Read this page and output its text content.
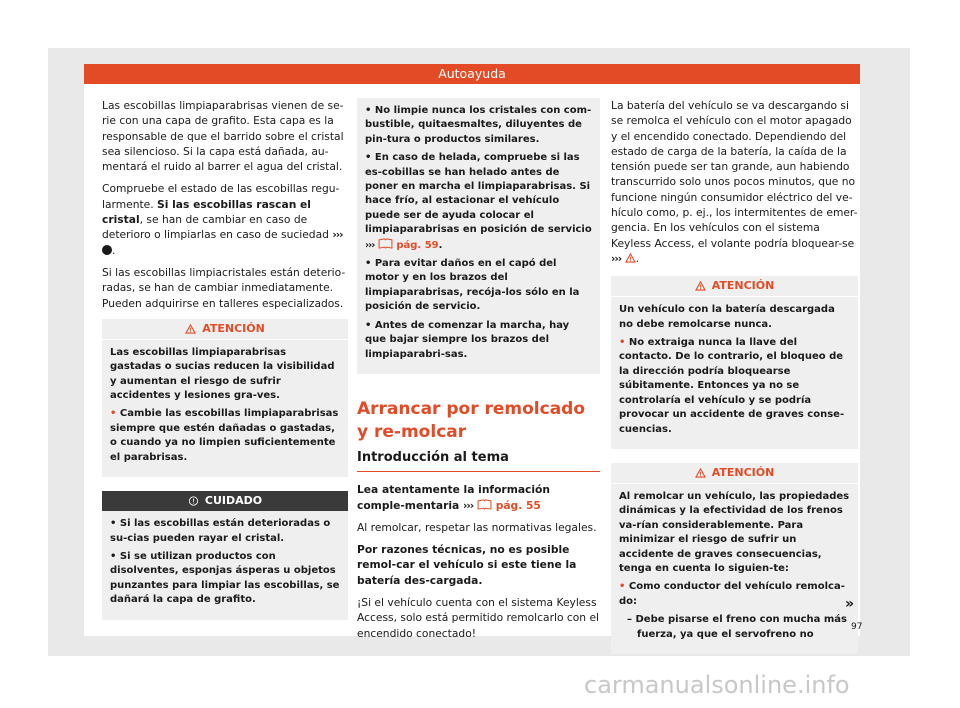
Autoayuda

Las escobillas limpiaparabrisas vienen de se-rie con una capa de grafito. Esta capa es la responsable de que el barrido sobre el cristal sea silencioso. Si la capa está dañada, au-mentará el ruido al barrer el agua del cristal.

Compruebe el estado de las escobillas regu-larmente. Si las escobillas rascan el cristal, se han de cambiar en caso de deterioro o limpiarlas en caso de suciedad ››› .

Si las escobillas limpiacristales están deterio-radas, se han de cambiar inmediatamente. Pueden adquirirse en talleres especializados.

ATENCIÓN

Las escobillas limpiaparabrisas gastadas o sucias reducen la visibilidad y aumentan el riesgo de sufrir accidentes y lesiones gra-ves.

• Cambie las escobillas limpiaparabrisas siempre que estén dañadas o gastadas, o cuando ya no limpien suficientemente el parabrisas.

CUIDADO

• Si las escobillas están deterioradas o su-cias pueden rayar el cristal.

• Si se utilizan productos con disolventes, esponjas ásperas u objetos punzantes para limpiar las escobillas, se dañará la capa de grafito.

• No limpie nunca los cristales con com-bustible, quitaesmaltes, diluyentes de pin-tura o productos similares.

• En caso de helada, compruebe si las es-cobillas se han helado antes de poner en marcha el limpiaparabrisas. Si hace frío, al estacionar el vehículo puede ser de ayuda colocar el limpiaparabrisas en posición de servicio ››› pág. 59.

• Para evitar daños en el capó del motor y en los brazos del limpiaparabrisas, recója-los sólo en la posición de servicio.

• Antes de comenzar la marcha, hay que bajar siempre los brazos del limpiaparabri-sas.

Arrancar por remolcado y re-molcar
Introducción al tema

Lea atentamente la información comple-mentaria ››› pág. 55

Al remolcar, respetar las normativas legales.

Por razones técnicas, no es posible remol-car el vehículo si este tiene la batería des-cargada.

¡Si el vehículo cuenta con el sistema Keyless Access, solo está permitido remolcarlo con el encendido conectado!

La batería del vehículo se va descargando si se remolca el vehículo con el motor apagado y el encendido conectado. Dependiendo del estado de carga de la batería, la caída de la tensión puede ser tan grande, aun habiendo transcurrido solo unos pocos minutos, que no funcione ningún consumidor eléctrico del ve-hículo como, p. ej., los intermitentes de emer-gencia. En los vehículos con el sistema Keyless Access, el volante podría bloquear-se ››› .

ATENCIÓN

Un vehículo con la batería descargada no debe remolcarse nunca.

• No extraiga nunca la llave del contacto. De lo contrario, el bloqueo de la dirección podría bloquearse súbitamente. Entonces ya no se controlaría el vehículo y se podría provocar un accidente de graves conse-cuencias.

ATENCIÓN

Al remolcar un vehículo, las propiedades dinámicas y la efectividad de los frenos va-rían considerablemente. Para minimizar el riesgo de sufrir un accidente de graves consecuencias, tenga en cuenta lo siguien-te:

• Como conductor del vehículo remolca-do:

– Debe pisarse el freno con mucha más fuerza, ya que el servofreno no

»
97
carmanualsonline.info
